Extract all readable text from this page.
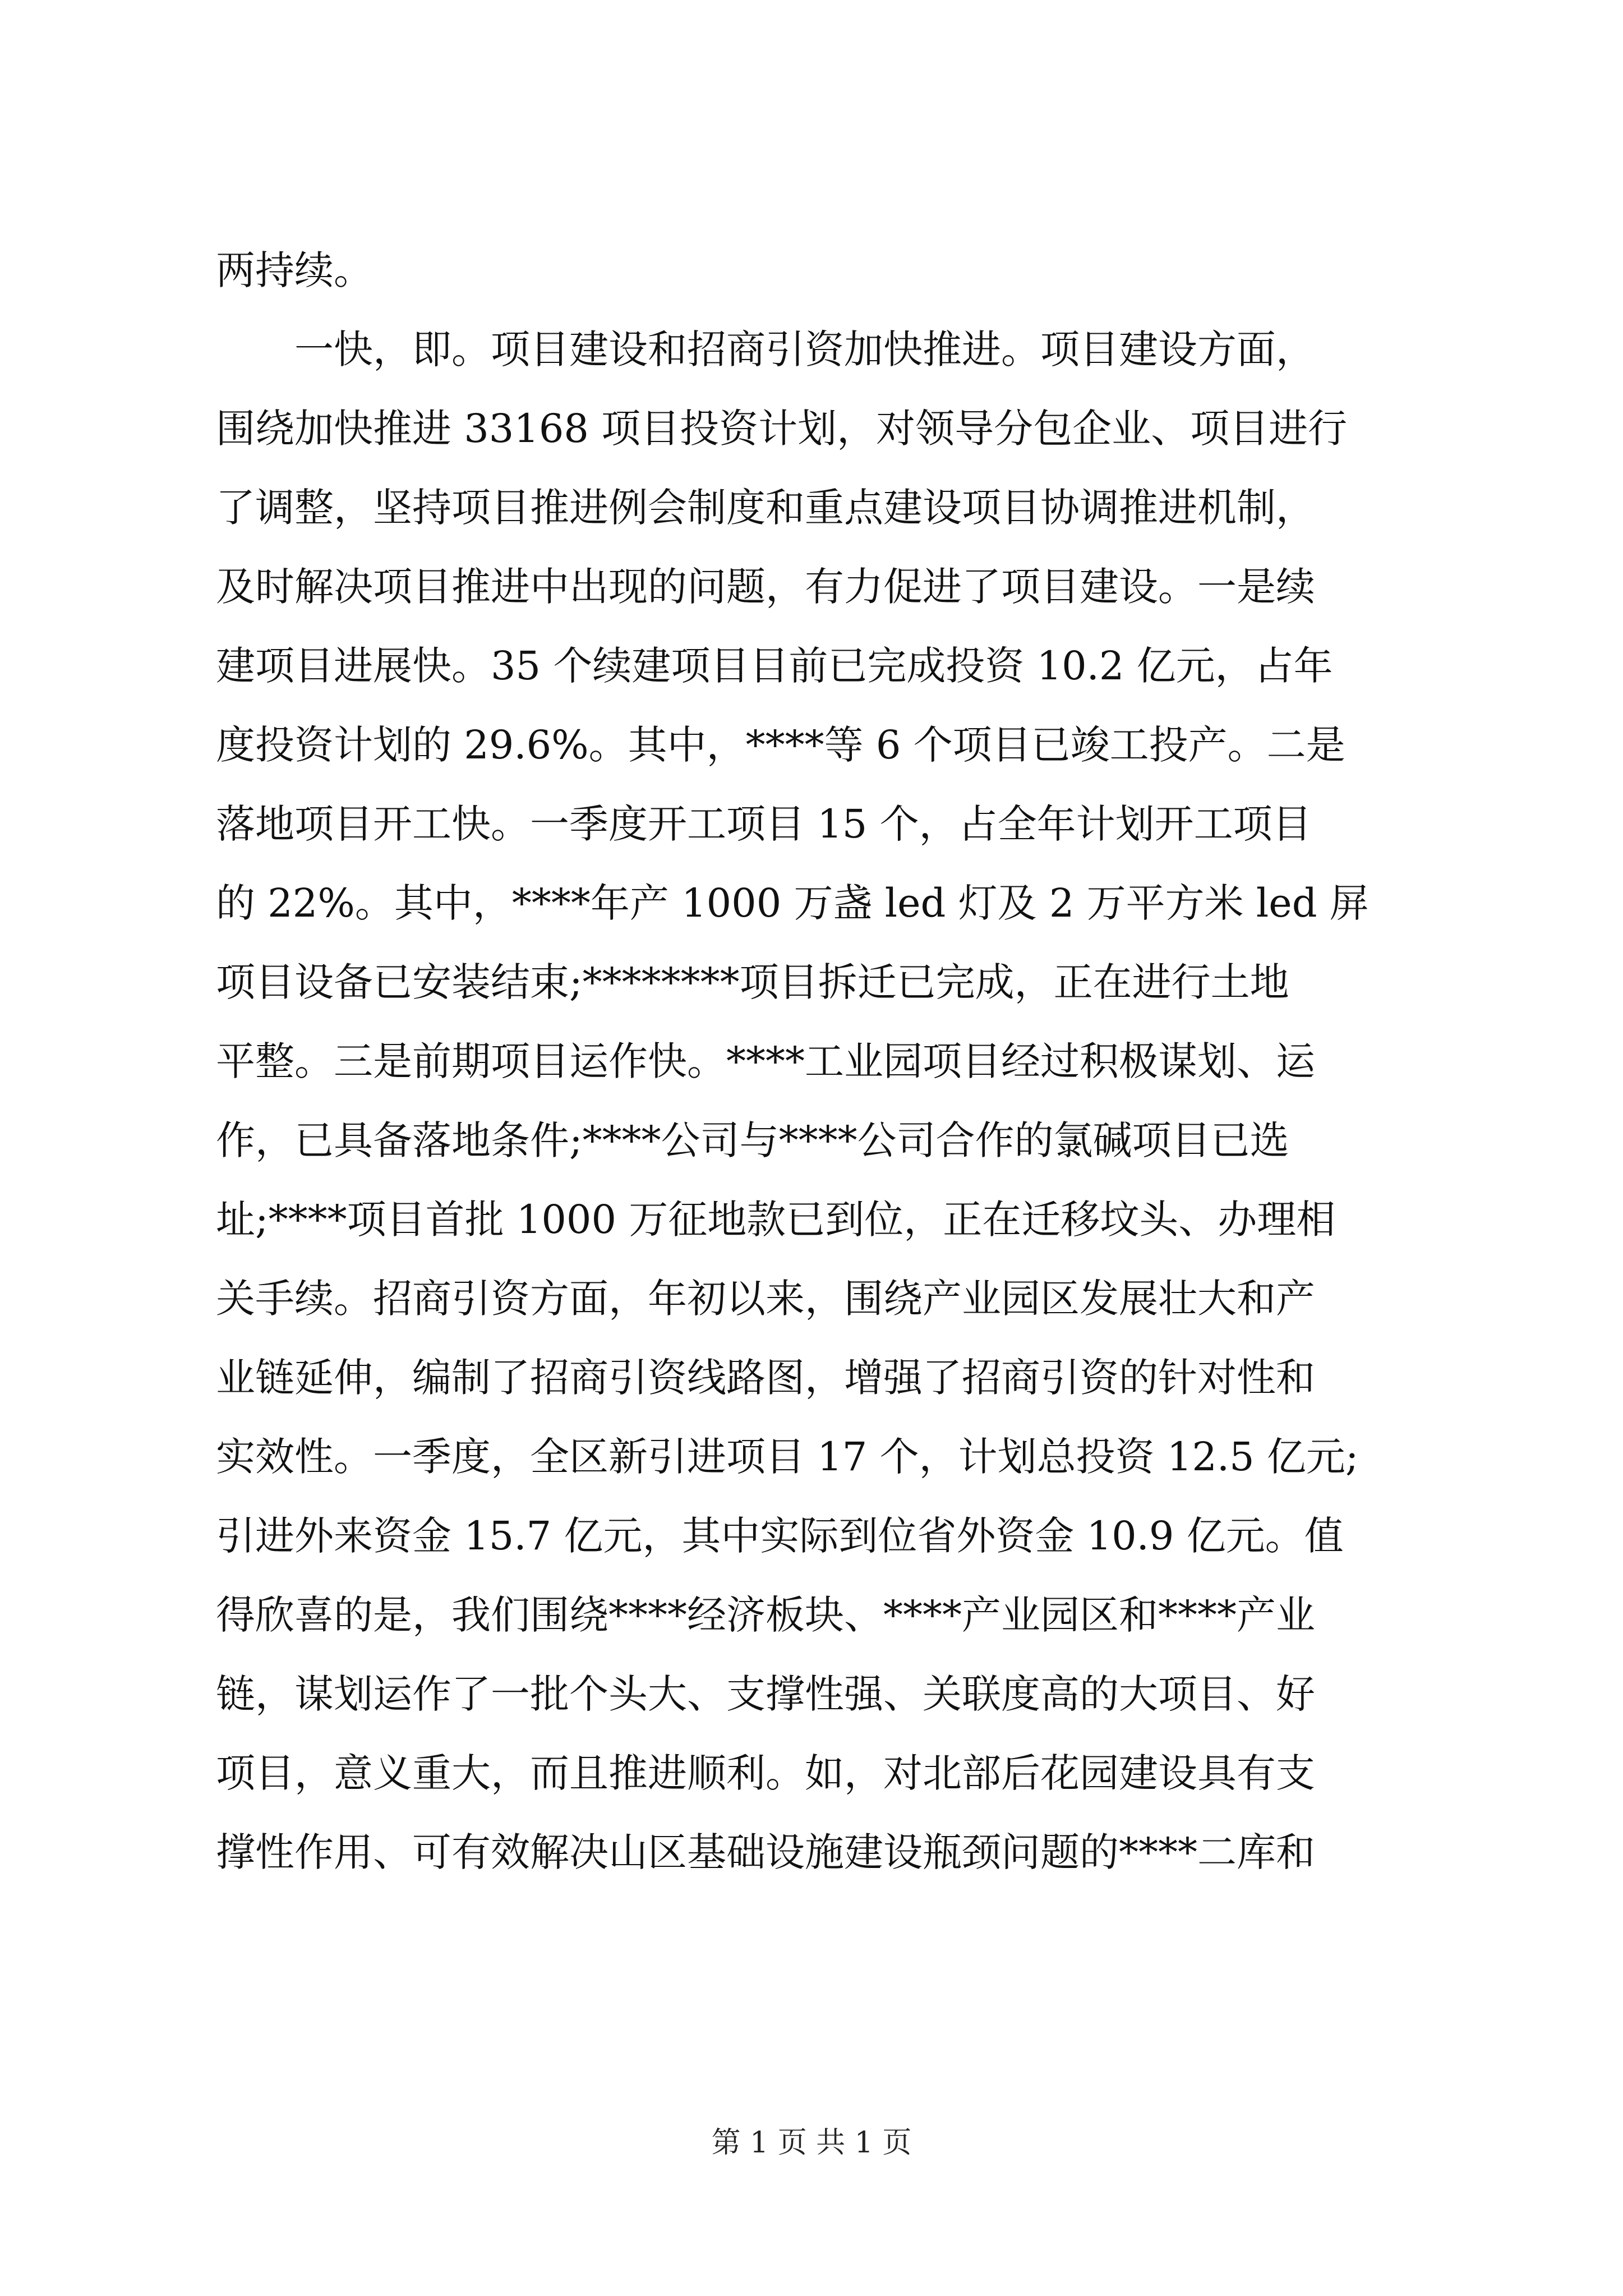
两持续。
　　一快，即。项目建设和招商引资加快推进。项目建设方面，
围绕加快推进 33168 项目投资计划，对领导分包企业、项目进行
了调整，坚持项目推进例会制度和重点建设项目协调推进机制，
及时解决项目推进中出现的问题，有力促进了项目建设。一是续
建项目进展快。35 个续建项目目前已完成投资 10.2 亿元，占年
度投资计划的 29.6%。其中，****等 6 个项目已竣工投产。二是
落地项目开工快。一季度开工项目 15 个，占全年计划开工项目
的 22%。其中，****年产 1000 万盏 led 灯及 2 万平方米 led 屏
项目设备已安装结束;********项目拆迁已完成，正在进行土地
平整。三是前期项目运作快。****工业园项目经过积极谋划、运
作，已具备落地条件;****公司与****公司合作的氯碱项目已选
址;****项目首批 1000 万征地款已到位，正在迁移坟头、办理相
关手续。招商引资方面，年初以来，围绕产业园区发展壮大和产
业链延伸，编制了招商引资线路图，增强了招商引资的针对性和
实效性。一季度，全区新引进项目 17 个，计划总投资 12.5 亿元;
引进外来资金 15.7 亿元，其中实际到位省外资金 10.9 亿元。值
得欣喜的是，我们围绕****经济板块、****产业园区和****产业
链，谋划运作了一批个头大、支撑性强、关联度高的大项目、好
项目，意义重大，而且推进顺利。如，对北部后花园建设具有支
撑性作用、可有效解决山区基础设施建设瓶颈问题的****二库和
第 1 页 共 1 页
